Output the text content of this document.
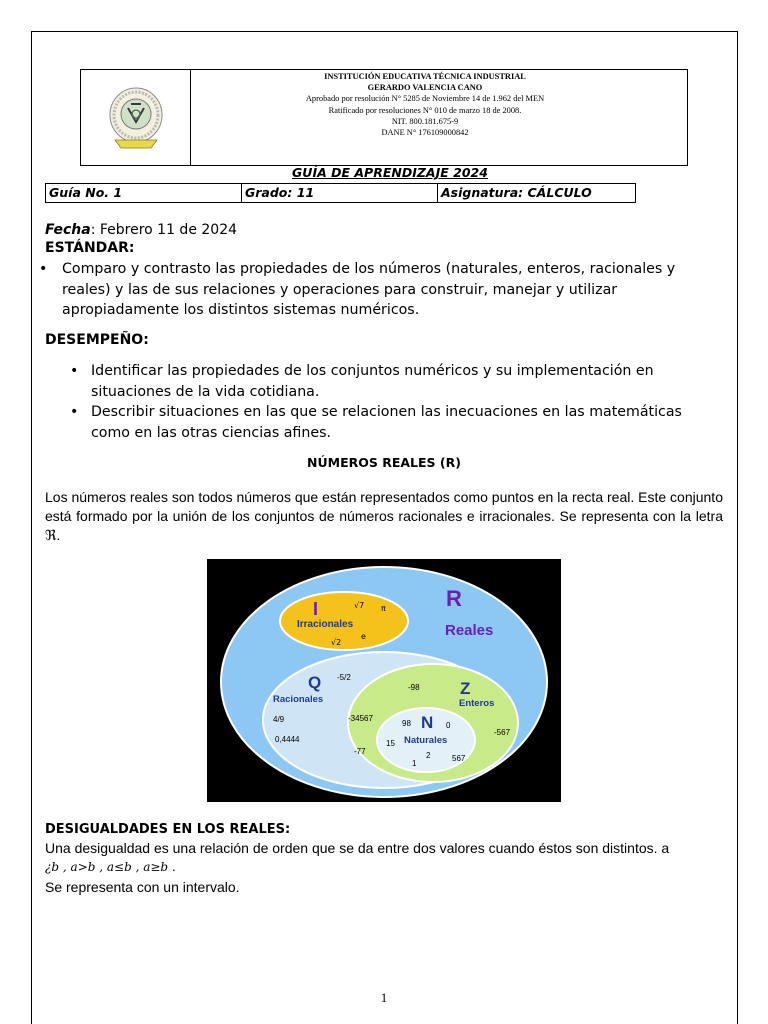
INSTITUCIÓN EDUCATIVA TÉCNICA INDUSTRIAL
GERARDO VALENCIA CANO
Aprobado por resolución N° 5285 de Noviembre 14 de 1.962 del MEN
Ratificado por resoluciones N° 010 de marzo 18 de 2008.
NIT. 800.181.675-9
DANE N° 176109000842
GUÍA DE APRENDIZAJE 2024
Guía No. 1	Grado: 11	Asignatura: CÁLCULO
Fecha: Febrero 11 de 2024
ESTÁNDAR:
•	Comparo y contrasto las propiedades de los números (naturales, enteros, racionales y reales) y las de sus relaciones y operaciones para construir, manejar y utilizar apropiadamente los distintos sistemas numéricos.
DESEMPEÑO:
• Identificar las propiedades de los conjuntos numéricos y su implementación en situaciones de la vida cotidiana.
• Describir situaciones en las que se relacionen las inecuaciones en las matemáticas como en las otras ciencias afines.
NÚMEROS REALES (R)
Los números reales son todos números que están representados como puntos en la recta real. Este conjunto está formado por la unión de los conjuntos de números racionales e irracionales. Se representa con la letra ℜ.
R
Reales
I
Irracionales
√7 π
√2
e
Q
Racionales
-5/2
4/9
0,4444
Z
Enteros
-98
-34567
-77
-567
N
Naturales
98	0
15
1
2	567
DESIGUALDADES EN LOS REALES:
Una desigualdad es una relación de orden que se da entre dos valores cuando éstos son distintos. a
¿b , a>b , a≤b , a≥b .
Se representa con un intervalo.
1
